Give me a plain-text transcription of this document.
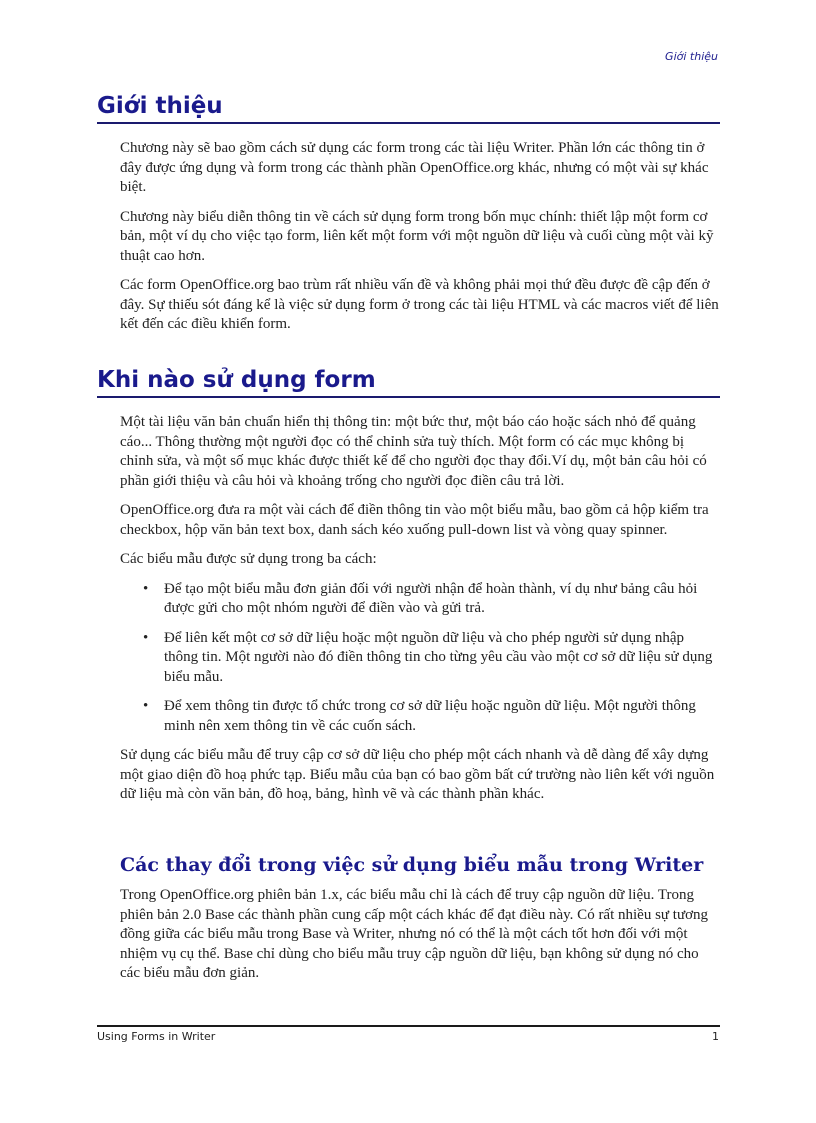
Giới thiệu
Giới thiệu

Chương này sẽ bao gồm cách sử dụng các form trong các tài liệu Writer. Phần lớn các thông tin ở đây được ứng dụng và form trong các thành phần OpenOffice.org khác, nhưng có một vài sự khác biệt.

Chương này biểu diễn thông tin về cách sử dụng form trong bốn mục chính: thiết lập một form cơ bản, một ví dụ cho việc tạo form, liên kết một form với một nguồn dữ liệu và cuối cùng một vài kỹ thuật cao hơn.

Các form OpenOffice.org bao trùm rất nhiều vấn đề và không phải mọi thứ đều được đề cập đến ở đây. Sự thiếu sót đáng kể là việc sử dụng form ở trong các tài liệu HTML và các macros viết để liên kết đến các điều khiển form.

Khi nào sử dụng form

Một tài liệu văn bản chuẩn hiển thị thông tin: một bức thư, một báo cáo hoặc sách nhỏ để quảng cáo... Thông thường một người đọc có thể chỉnh sửa tuỳ thích. Một form có các mục không bị chỉnh sửa, và một số mục khác được thiết kế để cho người đọc thay đổi.Ví dụ, một bản câu hỏi có phần giới thiệu và câu hỏi và khoảng trống cho người đọc điền câu trả lời.

OpenOffice.org đưa ra một vài cách để điền thông tin vào một biểu mẫu, bao gồm cả hộp kiểm tra checkbox, hộp văn bản text box, danh sách kéo xuống pull-down list và vòng quay spinner.

Các biểu mẫu được sử dụng trong ba cách:

• Để tạo một biểu mẫu đơn giản đối với người nhận để hoàn thành, ví dụ như bảng câu hỏi được gửi cho một nhóm người để điền vào và gửi trả.
• Để liên kết một cơ sở dữ liệu hoặc một nguồn dữ liệu và cho phép người sử dụng nhập thông tin. Một người nào đó điền thông tin cho từng yêu cầu vào một cơ sở dữ liệu sử dụng biểu mẫu.
• Để xem thông tin được tổ chức trong cơ sở dữ liệu hoặc nguồn dữ liệu. Một người thông minh nên xem thông tin về các cuốn sách.

Sử dụng các biểu mẫu để truy cập cơ sở dữ liệu cho phép một cách nhanh và dễ dàng để xây dựng một giao diện đồ hoạ phức tạp. Biểu mẫu của bạn có bao gồm bất cứ trường nào liên kết với nguồn dữ liệu mà còn văn bản, đồ hoạ, bảng, hình vẽ và các thành phần khác.

Các thay đổi trong việc sử dụng biểu mẫu trong Writer

Trong OpenOffice.org phiên bản 1.x, các biểu mẫu chỉ là cách để truy cập nguồn dữ liệu. Trong phiên bản 2.0 Base các thành phần cung cấp một cách khác để đạt điều này. Có rất nhiều sự tương đồng giữa các biểu mẫu trong Base và Writer, nhưng nó có thể là một cách tốt hơn đối với một nhiệm vụ cụ thể. Base chỉ dùng cho biểu mẫu truy cập nguồn dữ liệu, bạn không sử dụng nó cho các biểu mẫu đơn giản.

Using Forms in Writer	1
